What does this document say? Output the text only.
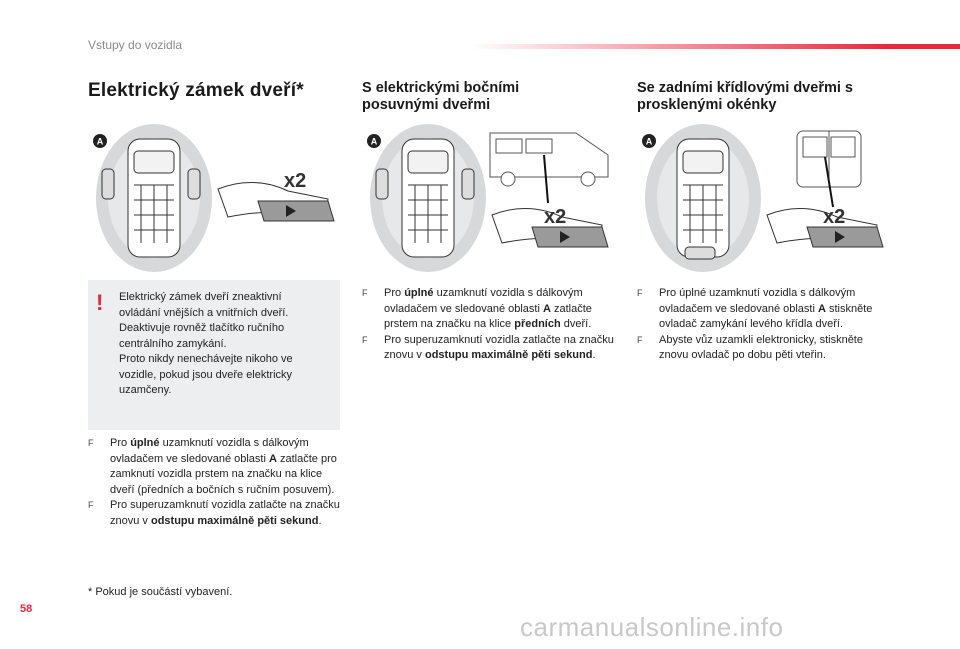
Vstupy do vozidla
Elektrický zámek dveří*	S elektrickými bočními
posuvnými dveřmi
Se zadními křídlovými dveřmi s
prosklenými okénky
A
x2
A
x2
A
x2
! Elektrický zámek dveří zneaktivní
ovládání vnějších a vnitřních dveří.
Deaktivuje rovněž tlačítko ručního
centrálního zamykání.
Proto nikdy nenechávejte nikoho ve
vozidle, pokud jsou dveře elektricky
uzamčeny.
F Pro úplné uzamknutí vozidla s dálkovým ovladačem ve sledované oblasti A zatlačte pro zamknutí vozidla prstem na značku na klice dveří (předních a bočních s ručním posuvem).
F Pro superuzamknutí vozidla zatlačte na značku znovu v odstupu maximálně pěti sekund.
F Pro úplné uzamknutí vozidla s dálkovým ovladačem ve sledované oblasti A zatlačte prstem na značku na klice předních dveří.
F Pro superuzamknutí vozidla zatlačte na značku znovu v odstupu maximálně pěti sekund.
F Pro úplné uzamknutí vozidla s dálkovým ovladačem ve sledované oblasti A stiskněte ovladač zamykání levého křídla dveří.
F Abyste vůz uzamkli elektronicky, stiskněte znovu ovladač po dobu pěti vteřin.
* Pokud je součástí vybavení.
58
carmanualsonline.info
